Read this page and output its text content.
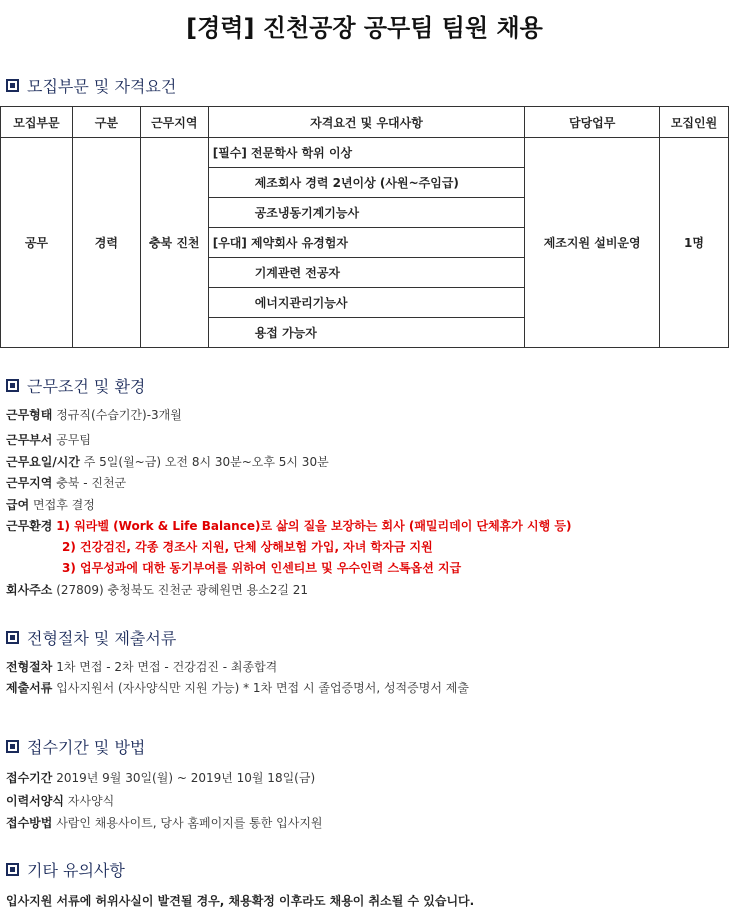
[경력] 진천공장 공무팀 팀원 채용
모집부문 및 자격요건
모집부문	구분	근무지역	자격요건 및 우대사항	담당업무	모집인원
공무	경력	충북 진천	[필수] 전문학사 학위 이상	제조지원 설비운영	1명

			제조회사 경력 2년이상 (사원~주임급)		

			공조냉동기계기능사		

			[우대] 제약회사 유경험자		

			기계관련 전공자		

			에너지관리기능사		

			용접 가능자		
근무조건 및 환경
근무형태 정규직(수습기간)-3개월
근무부서 공무팀
근무요일/시간 주 5일(월~금) 오전 8시 30분~오후 5시 30분
근무지역 충북 - 진천군
급여 면접후 결정
근무환경 1) 워라벨 (Work & Life Balance)로 삶의 질을 보장하는 회사 (패밀리데이 단체휴가 시행 등)
2) 건강검진, 각종 경조사 지원, 단체 상해보험 가입, 자녀 학자금 지원
3) 업무성과에 대한 동기부여를 위하여 인센티브 및 우수인력 스톡옵션 지급
회사주소 (27809) 충청북도 진천군 광혜원면 용소2길 21
전형절차 및 제출서류
전형절차 1차 면접 - 2차 면접 - 건강검진 - 최종합격
제출서류 입사지원서 (자사양식만 지원 가능) * 1차 면접 시 졸업증명서, 성적증명서 제출
접수기간 및 방법
접수기간 2019년 9월 30일(월) ~ 2019년 10월 18일(금)
이력서양식 자사양식
접수방법 사람인 채용사이트, 당사 홈페이지를 통한 입사지원
기타 유의사항
입사지원 서류에 허위사실이 발견될 경우, 채용확정 이후라도 채용이 취소될 수 있습니다.
